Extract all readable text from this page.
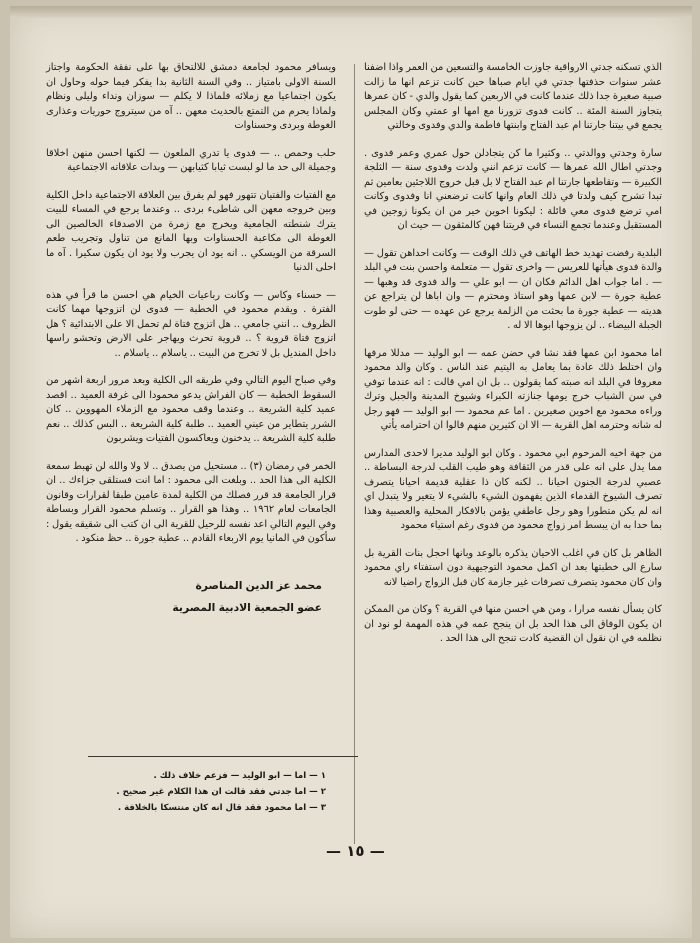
الذي تسكنه جدتي الارواقية جاوزت الخامسة والتسعين من العمر واذا اضفنا عشر سنوات حذفتها جدتي في ايام صباها حين كانت تزعم انها ما زالت صبية صغيرة جدا ذلك عندما كانت في الاربعين كما يقول والدي - كان عمرها يتجاوز السنة المئة .. كانت فدوى تزورنا مع امها او عمتي وكان المجلس يجمع في بيتنا جارتنا ام عبد الفتاح وابنتها فاطمة والدي وفدوى وخالتي

سارة وجدتي ووالدتي .. وكثيرا ما كن يتجادلن حول عمري وعمر فدوى . وجدتي اطال الله عمرها — كانت تزعم انني ولدت وفدوى سنة — الثلجة الكبيرة — وتقاطعها جارتنا ام عبد الفتاح لا بل قبل خروج اللاجئين بعامين ثم تبدا تشرح كيف ولدتا في ذلك العام وانها كانت ترضعني انا وفدوى وكانت امي ترضع فدوى معي قائلة : ليكونا اخوين خير من ان يكونا زوجين في المستقبل وعندما تجمع النساء في قريتنا فهن كالمثقون — حيث ان

البلدية رفضت تهديد خط الهاتف في ذلك الوقت — وكانت احداهن تقول — والدة فدوى هيأتها للعريس — واخرى تقول — متعلمة واحسن بنت في البلد — . اما جواب اهل الدائم فكان ان — ابو علي — والد فدوى قد وهبها — عطية جورة — لابن عمها وهو استاذ ومحترم — وان اباها لن يتراجع عن هديته — عطية جورة ما بحثت من الزلمة يرجع عن عهده — حتى لو طوت الجبلة البيضاء .. لن يزوجها ابوها الا له .

اما محمود ابن عمها فقد نشا في حضن عمه — ابو الوليد — مدللا مرفها وان اختلط ذلك عادة بما يعامل به اليتيم عند الناس . وكان والد محمود معروفا في البلد انه صبته كما يقولون .. بل ان امي قالت : انه عندما توفي في سن الشباب خرج يومها جنازته الكبراء وشيوخ المدينة والجبل وترك وراءه محمود مع اخوين صغيرين . اما عم محمود — ابو الوليد — فهو رجل له شانه وحترمه اهل القرية — الا ان كثيرين منهم قالوا ان احترامه يأتي

من جهة اخيه المرحوم ابي محمود . وكان ابو الوليد مديرا لاحدى المدارس مما يدل على انه على قدر من الثقافة وهو طيب القلب لدرجة البساطة .. عصبي لدرجة الجنون احيانا .. لكنه كان ذا عقلية قديمة احيانا يتصرف تصرف الشيوخ القدماء الذين يفهمون الشيء بالشيء لا يتغير ولا يتبدل اي انه لم يكن متطورا وهو رجل عاطفي يؤمن بالافكار المحلية والعصبية وهذا بما حدا به ان يبسط امر زواج محمود من فدوى رغم استياء محمود

الظاهر بل كان في اغلب الاحيان يذكره بالوعد وبانها احجل بنات القرية بل سارع الى خطبتها بعد ان اكمل محمود التوجيهية دون استفتاء راي محمود وان كان محمود يتصرف تصرفات غير جازمة كان قبل الزواج راضيا لانه

كان يسأل نفسه مرارا ، ومن هي احسن منها في القرية ؟ وكان من الممكن ان يكون الوفاق الى هذا الحد بل ان ينجح عمه في هذه المهمة لو نود ان نظلمه في ان نقول ان القضية كادت تنجح الى هذا الحد .

ويسافر محمود لجامعة دمشق للالتحاق بها على نفقة الحكومة واجتاز السنة الاولى بامتياز .. وفي السنة الثانية بدا يفكر فيما حوله وحاول ان يكون اجتماعيا مع زملائه فلماذا لا يكلم — سوزان ونداء وليلى ونظام ولماذا يحرم من التمتع بالحديث معهن .. آه من سيتروج حوريات وعذارى الغوطة وبردى وحسناوات

حلب وحمص .. — فدوى يا تدري الملعون — لكنها احسن منهن اخلاقا وجميلة الى حد ما لو لبست ثيابا كثيابهن — وبدات علاقاته الاجتماعية

مع الفتيات والفتيان تتهور فهو لم يفرق بين العلاقة الاجتماعية داخل الكلية وبين خروجه معهن الى شاطىء بردى .. وعندما يرجع في المساء للبيت يترك شنطته الجامعية ويخرج مع زمرة من الاصدقاء الخالصين الى الغوطة الى مكاعبة الحسناوات وبها المانع من تناول وتجريب طعم السرقة من الويسكي .. انه يود ان يجرب ولا يود ان يكون سكيرا . آه ما احلى الدنيا

— حسناء وكاس — وكانت رباعيات الخيام هي احسن ما قرأ في هذه الفترة . ويقدم محمود في الخطبة — فدوى لن اتزوجها مهما كانت الظروف .. انني جامعي .. هل اتزوج فتاة لم تحمل الا على الابتدائية ؟ هل اتزوج فتاة قروية ؟ .. قروية تحرث ويهاجر على الارض وتحشو راسها داخل المنديل بل لا تخرج من البيت .. ياسلام .. ياسلام ..

وفي صباح اليوم التالي وفي طريقه الى الكلية وبعد مرور اربعة اشهر من السقوط الخطبة — كان الفراش يدعو محمودا الى غرفة العميد .. اقصد عميد كلية الشريعة .. وعندما وقف محمود مع الزملاء المهووين .. كان الشرر يتطاير من عيني العميد .. طلبة كلية الشريعة .. البس كذلك .. نعم طلبة كلية الشريعة .. يدخنون ويعاكسون الفتيات ويشربون

الخمر في رمضان (٣) .. مستحيل من يصدق .. لا ولا والله لن تهبط سمعة الكلية الى هذا الحد .. وبلغت الى محمود : اما انت فستلقى جزاءك .. ان قرار الجامعة قد قرر فصلك من الكلية لمدة عامين طبقا لقرارات وقانون الجامعات لعام ١٩٦٢ .. وهذا هو القرار .. وتسلم محمود القرار وبساطة وفي اليوم التالي اعد نفسه للرحيل للقرية الى ان كتب الى شقيقه يقول : سأكون في المانيا يوم الاربعاء القادم .. عطية جورة .. حظ منكود .

محمد عز الدين المناصرة
عضو الجمعية الادبية المصرية
١ — اما — ابو الوليد — فزعم خلاف ذلك .
٢ — اما جدتي فقد قالت ان هذا الكلام غير صحيح .
٣ — اما محمود فقد قال انه كان منتسكا بالخلافة .
— ١٥ —
